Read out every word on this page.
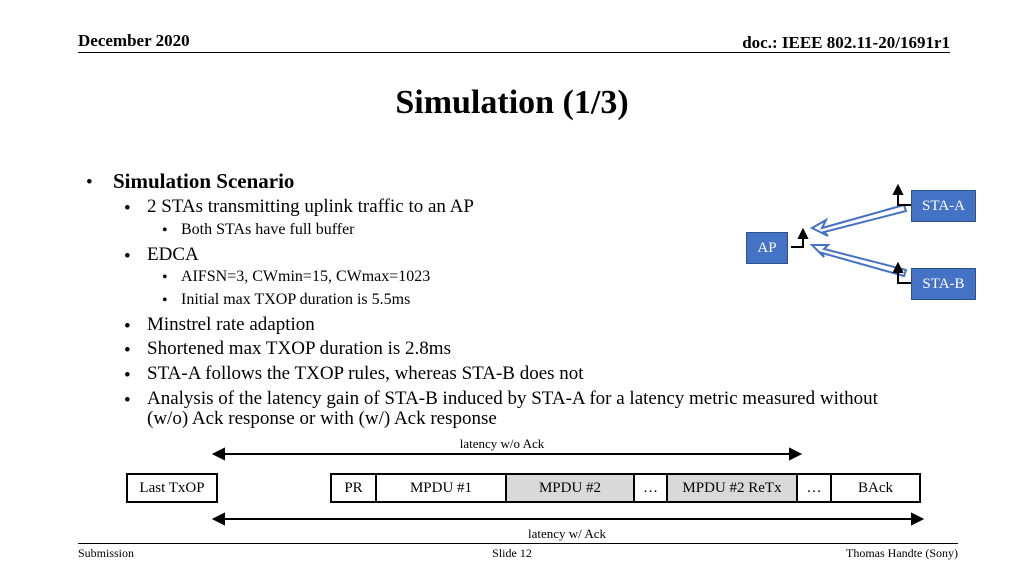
December 2020	doc.: IEEE 802.11-20/1691r1
Simulation (1/3)
• Simulation Scenario
• 2 STAs transmitting uplink traffic to an AP
• Both STAs have full buffer
• EDCA
• AIFSN=3, CWmin=15, CWmax=1023
• Initial max TXOP duration is 5.5ms
• Minstrel rate adaption
• Shortened max TXOP duration is 2.8ms
• STA-A follows the TXOP rules, whereas STA-B does not
• Analysis of the latency gain of STA-B induced by STA-A for a latency metric measured without
(w/o) Ack response or with (w/) Ack response
STA-A
AP
STA-B
latency w/o Ack
latency w/ Ack
Last TxOP	PR	MPDU #1	MPDU #2	…	MPDU #2 ReTx	…	BAck
Submission	Slide 12	Thomas Handte (Sony)
